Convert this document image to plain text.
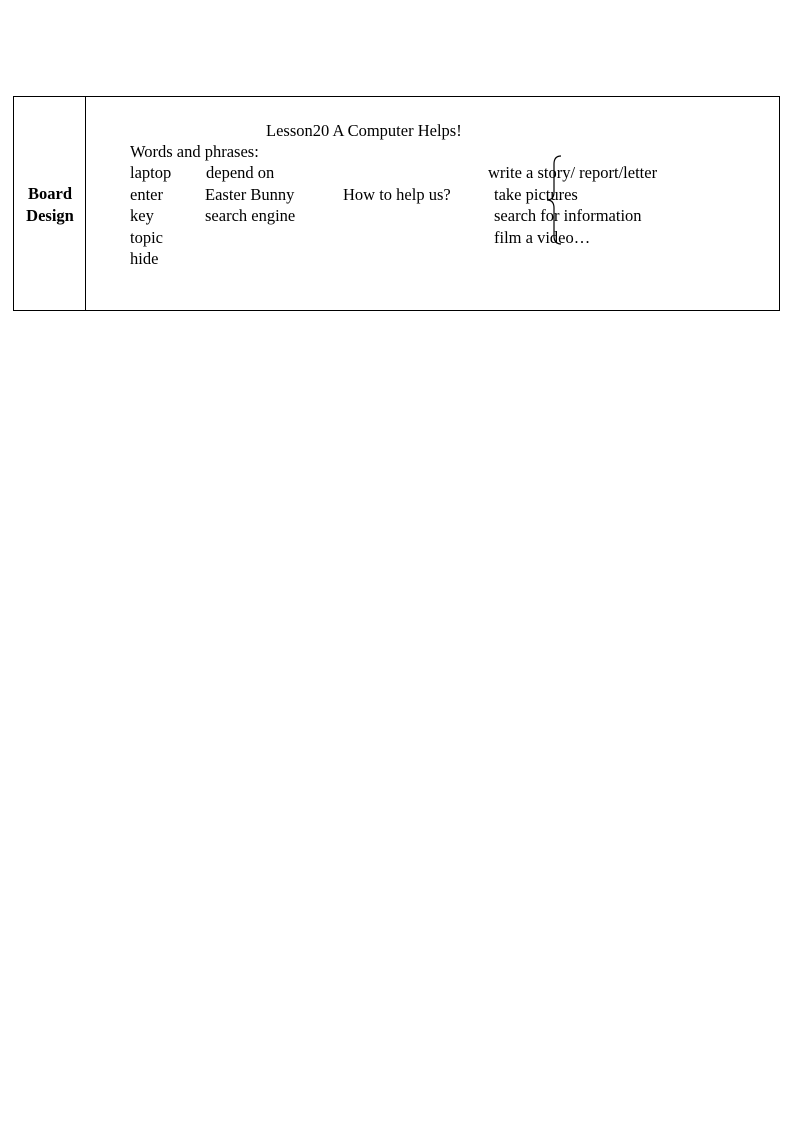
Board
Design
Lesson20 A Computer Helps!
Words and phrases:
laptop
enter
key
topic
hide
depend on
Easter Bunny
search engine
How to help us?
write a story/ report/letter
take pictures
search for information
film a video…
